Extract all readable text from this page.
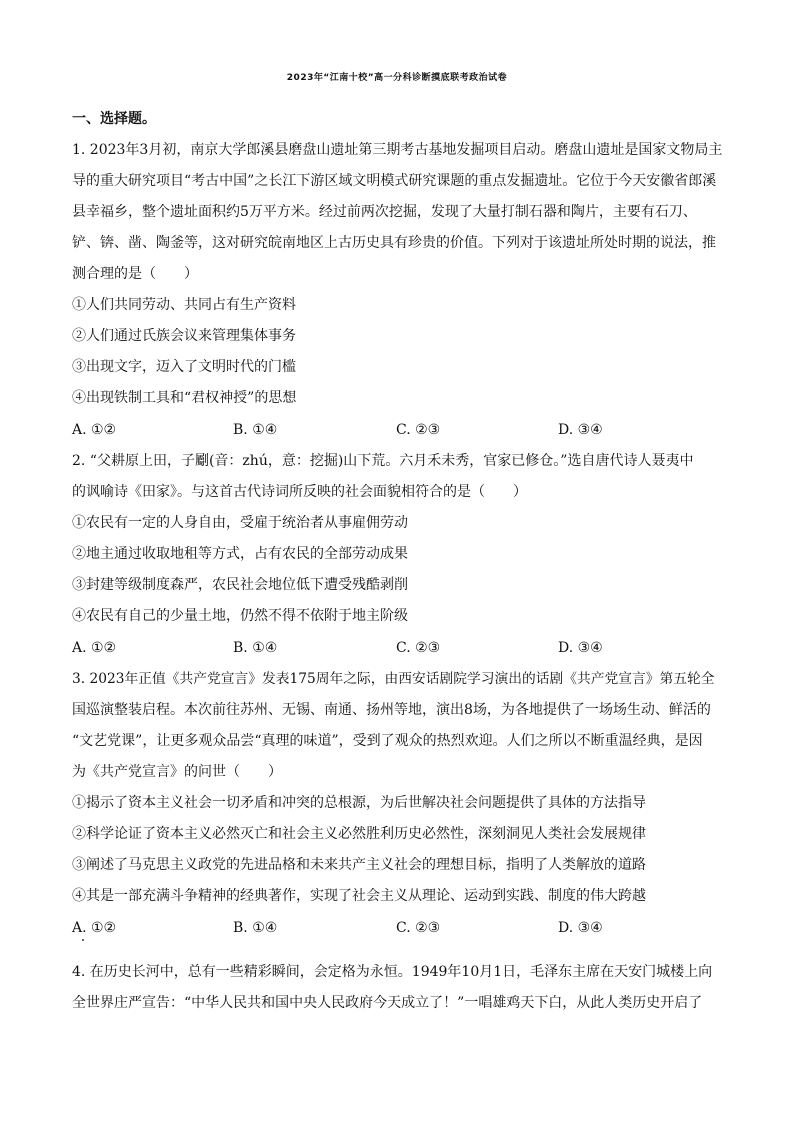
2023年“江南十校”高一分科诊断摸底联考政治试卷
一、选择题。
1. 2023年3月初，南京大学郎溪县磨盘山遗址第三期考古基地发掘项目启动。磨盘山遗址是国家文物局主
导的重大研究项目“考古中国”之长江下游区域文明模式研究课题的重点发掘遗址。它位于今天安徽省郎溪
县幸福乡，整个遗址面积约5万平方米。经过前两次挖掘，发现了大量打制石器和陶片，主要有石刀、
铲、锛、凿、陶釜等，这对研究皖南地区上古历史具有珍贵的价值。下列对于该遗址所处时期的说法，推
测合理的是（　　）
①人们共同劳动、共同占有生产资料
②人们通过氏族会议来管理集体事务
③出现文字，迈入了文明时代的门槛
④出现铁制工具和“君权神授”的思想
A. ①②	B. ①④	C. ②③	D. ③④
2. “父耕原上田，子劚(音：zhú，意：挖掘)山下荒。六月禾未秀，官家已修仓。”选自唐代诗人聂夷中
的讽喻诗《田家》。与这首古代诗词所反映的社会面貌相符合的是（　　）
①农民有一定的人身自由，受雇于统治者从事雇佣劳动
②地主通过收取地租等方式，占有农民的全部劳动成果
③封建等级制度森严，农民社会地位低下遭受残酷剥削
④农民有自己的少量土地，仍然不得不依附于地主阶级
A. ①②	B. ①④	C. ②③	D. ③④
3. 2023年正值《共产党宣言》发表175周年之际，由西安话剧院学习演出的话剧《共产党宣言》第五轮全
国巡演整装启程。本次前往苏州、无锡、南通、扬州等地，演出8场，为各地提供了一场场生动、鲜活的
“文艺党课”，让更多观众品尝“真理的味道”，受到了观众的热烈欢迎。人们之所以不断重温经典，是因
为《共产党宣言》的问世（　　）
①揭示了资本主义社会一切矛盾和冲突的总根源，为后世解决社会问题提供了具体的方法指导
②科学论证了资本主义必然灭亡和社会主义必然胜利历史必然性，深刻洞见人类社会发展规律
③阐述了马克思主义政党的先进品格和未来共产主义社会的理想目标，指明了人类解放的道路
④其是一部充满斗争精神的经典著作，实现了社会主义从理论、运动到实践、制度的伟大跨越
A. ①②	B. ①④	C. ②③	D. ③④
4. 在历史长河中，总有一些精彩瞬间，会定格为永恒。1949年10月1日，毛泽东主席在天安门城楼上向
全世界庄严宣告：“中华人民共和国中央人民政府今天成立了！”一唱雄鸡天下白，从此人类历史开启了
